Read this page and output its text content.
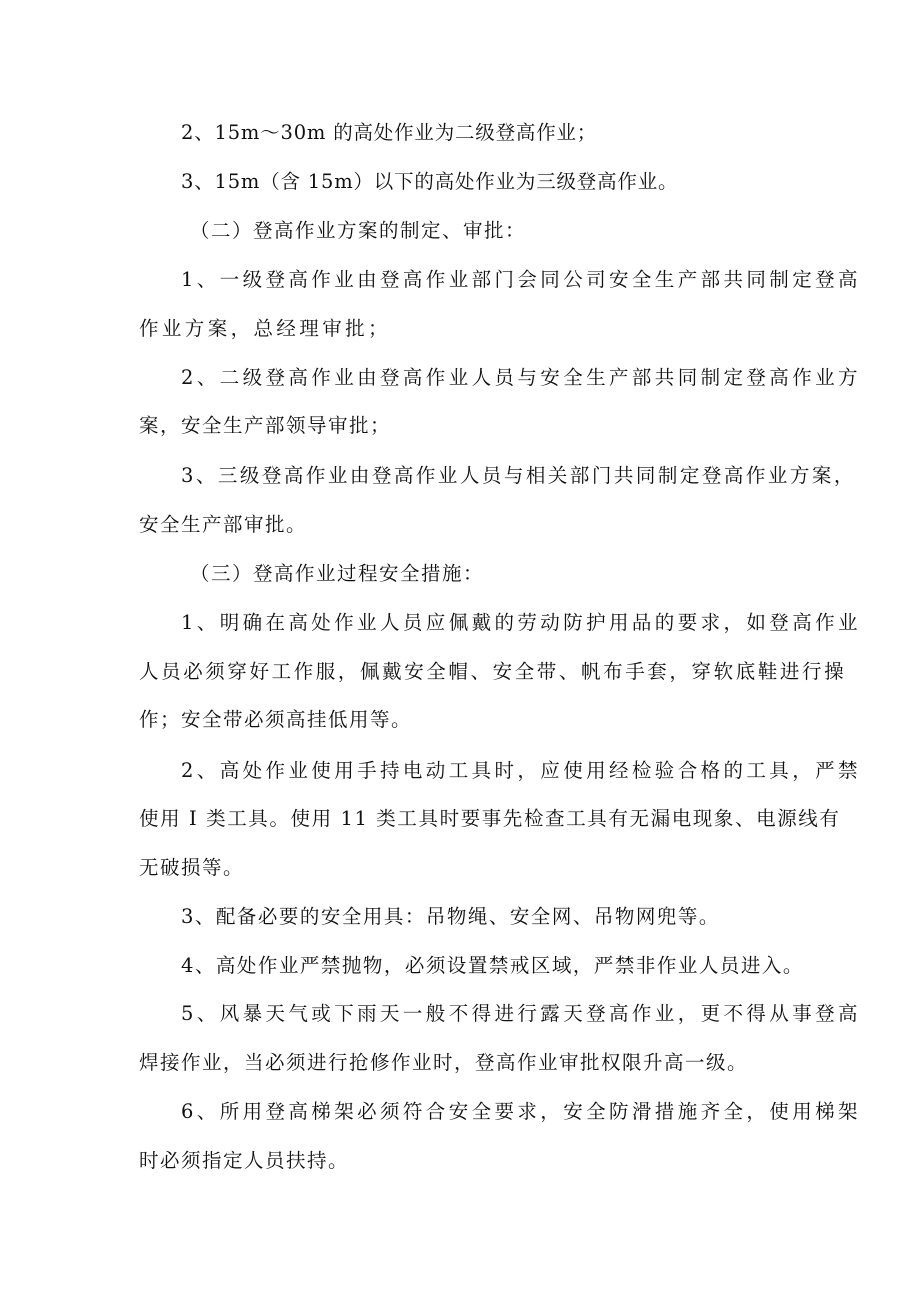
2、15m～30m 的高处作业为二级登高作业；

3、15m（含 15m）以下的高处作业为三级登高作业。

（二）登高作业方案的制定、审批：

1、一级登高作业由登高作业部门会同公司安全生产部共同制定登高

作业方案，总经理审批；

2、二级登高作业由登高作业人员与安全生产部共同制定登高作业方

案，安全生产部领导审批；

3、三级登高作业由登高作业人员与相关部门共同制定登高作业方案，

安全生产部审批。

（三）登高作业过程安全措施：

1、明确在高处作业人员应佩戴的劳动防护用品的要求，如登高作业

人员必须穿好工作服，佩戴安全帽、安全带、帆布手套，穿软底鞋进行操

作；安全带必须高挂低用等。

2、高处作业使用手持电动工具时，应使用经检验合格的工具，严禁

使用 I 类工具。使用 11 类工具时要事先检查工具有无漏电现象、电源线有

无破损等。

3、配备必要的安全用具：吊物绳、安全网、吊物网兜等。

4、高处作业严禁抛物，必须设置禁戒区域，严禁非作业人员进入。

5、风暴天气或下雨天一般不得进行露天登高作业，更不得从事登高

焊接作业，当必须进行抢修作业时，登高作业审批权限升高一级。

6、所用登高梯架必须符合安全要求，安全防滑措施齐全，使用梯架

时必须指定人员扶持。
